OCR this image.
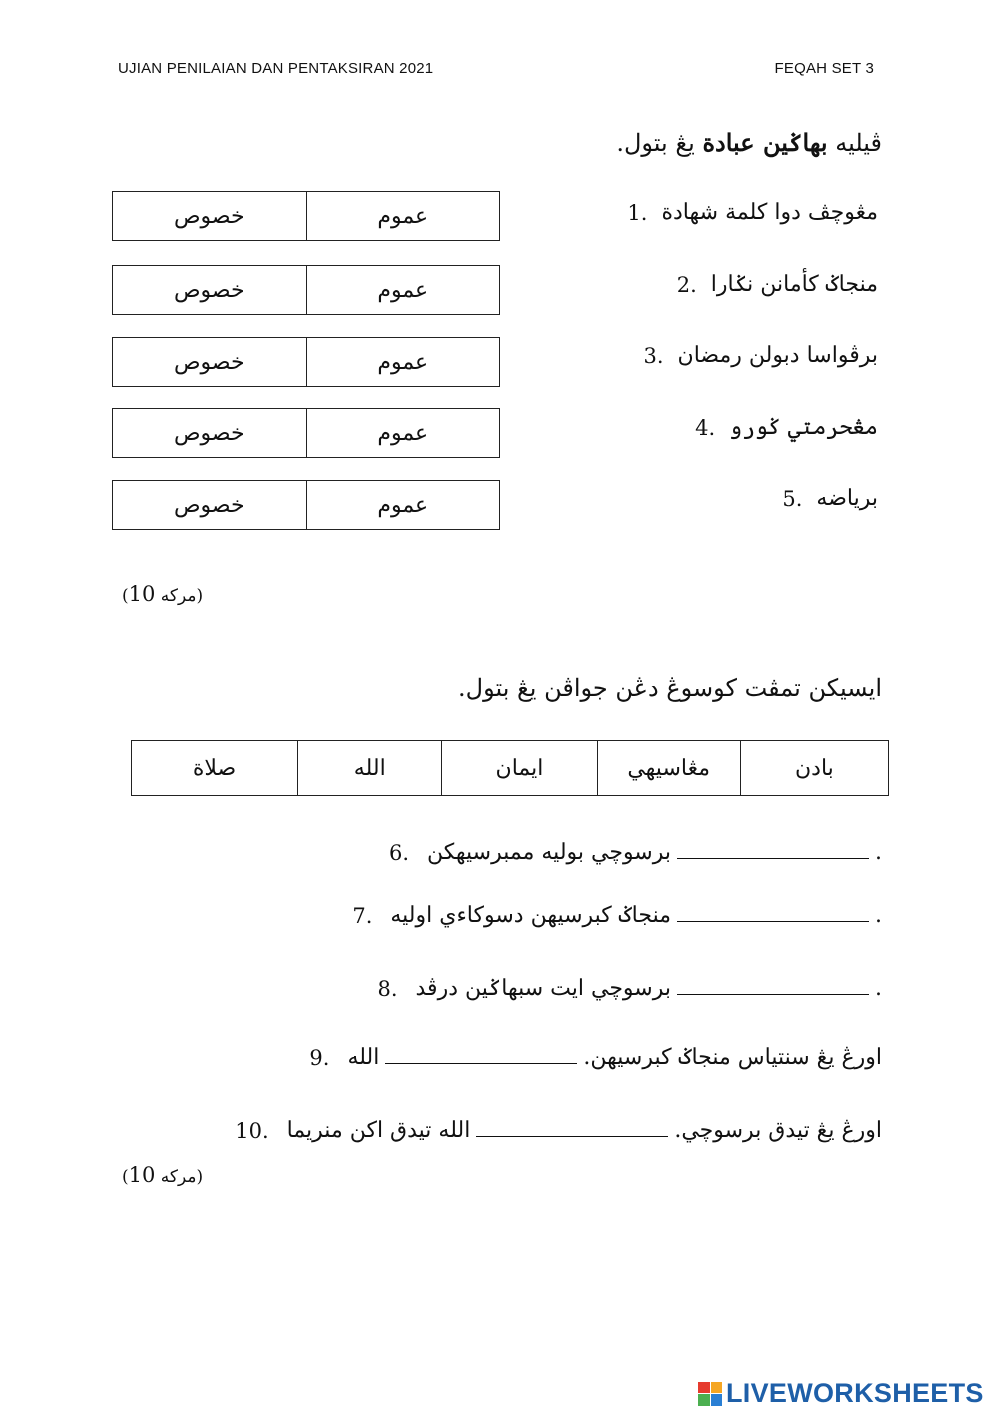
UJIAN PENILAIAN DAN PENTAKSIRAN 2021	FEQAH SET 3
ڤيليه بهاݢين عبادة يڠ بتول.
1. مڠوچڤ دوا كلمة شهادة
خصوص	عموم
2. منجاݢ كأمانن نݢارا
خصوص	عموم
3. برڤواسا دبولن رمضان
خصوص	عموم
4. مڠحرمتي ݢورو
خصوص	عموم
5. برياضه
خصوص	عموم
(10 مركه)
ايسيكن تمڤت كوسوڠ دڠن جواڤن يڠ بتول.
بادن
مڠاسيهي
ايمان
الله
صلاة
6. برسوچي بوليه ممبرسيهكن	.
7. منجاݢ كبرسيهن دسوكاءي اوليه	.
8. برسوچي ايت سبهاݢين درڤد	.
9. الله	اورڠ يڠ سنتياس منجاݢ كبرسيهن.
10. الله تيدق اكن منريما	اورڠ يڠ تيدق برسوچي.
(10 مركه)
LIVEWORKSHEETS
